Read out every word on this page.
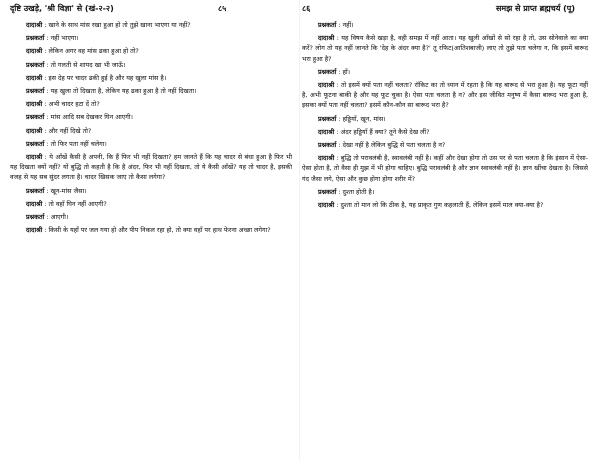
दृष्टि उखड़े, 'श्री विज्ञा' से (खं-२-२)	८५

दादाश्री : खाने के साथ मांस रखा हुआ हो तो तुझे खाना भाएगा या नहीं?

प्रश्नकर्ता : नहीं भाएगा।

दादाश्री : लेकिन अगर वह मांस ढका हुआ हो तो?

प्रश्नकर्ता : तो गलती से शायद खा भी जाऊँ।

दादाश्री : इस देह पर चादर ढकी हुई है और यह खुला मांस है।

प्रश्नकर्ता : यह खुला तो दिखता है, लेकिन यह ढका हुआ है तो नहीं दिखता।

दादाश्री : अभी चादर हटा दें तो?

प्रश्नकर्ता : मांस आदि सब देखकर घिन आएगी।

दादाश्री : और नहीं दिखे तो?

प्रश्नकर्ता : तो फिर पता नहीं चलेगा।

दादाश्री : ये आँखें कैसी है अपनी, कि हैं फिर भी नहीं दिखता? हम जानते हैं कि यह चादर से बंधा हुआ है फिर भी यह दिखता क्यों नहीं? यों बुद्धि तो कहती है कि है अंदर, फिर भी नहीं दिखता, तो ये कैसी आँखें? यह तो चादर है, इसकी वजह से यह सब सुंदर लगता है। चादर खिसक जाए तो कैसा लगेगा?

प्रश्नकर्ता : खून-मांस जैसा।

दादाश्री : तो वहाँ घिन नहीं आएगी?

प्रश्नकर्ता : आएगी।

दादाश्री : किसी के यहाँ पर जल गया हो और पीप निकल रहा हो, तो क्या वहाँ पर हाथ फेरना अच्छा लगेगा?

८६	समझ से प्राप्त ब्रह्मचर्य (पू)

प्रश्नकर्ता : नहीं।

दादाश्री : यह विषय कैसे खड़ा है, वही समझ में नहीं आता। यह खुली आँखों से सो रहा है तो, उस सोनेवाले का क्या करें? लोग तो यह नहीं जानते कि 'देह के अंदर क्या है?' तू रफिट(आतिशबाजी) लाए तो तुझे पता चलेगा न, कि इसमें बारूद भरा हुआ है?

प्रश्नकर्ता : हाँ।

दादाश्री : तो इसमें क्यों पता नहीं चलता? रॉकिट का तो ध्यान में रहता है कि यह बारूद से भरा हुआ है। यह फूटा नहीं है, अभी फूटना बाकी है और यह फूट चुका है। ऐसा पता चलता है न? और इस जीवित मनुष्य में कैसा बारूद भरा हुआ है, इसका क्यों पता नहीं चलता? इसमें कौन-कौन सा बारूद भरा है?

प्रश्नकर्ता : हड्डियाँ, खून, मांस।

दादाश्री : अंदर हड्डियाँ हैं क्या? तूने कैसे देख लीं?

प्रश्नकर्ता : देखा नहीं है लेकिन बुद्धि से पता चलता है न?

दादाश्री : बुद्धि तो परावलंबी है, स्वावलंबी नहीं है। कहीं और देखा होगा तो उस पर से पता चलता है कि इंसान में ऐसा-ऐसा होता है, तो वैसा ही मुझ में भी होगा चाहिए। बुद्धि परावलंबी है और ज्ञान स्वावलंबी नहीं है। ज्ञान खींचा देखता है। जिससे गंद जैसा लगे, ऐसा और कुछ होगा होगा शरीर में?

प्रश्नकर्ता : दुश्ता होती है।

दादाश्री : दुश्ता तो मान लो कि ठीक है, यह प्राकृत गुण कहलाती हैं, लेकिन इसमें माल क्या-क्या है?
